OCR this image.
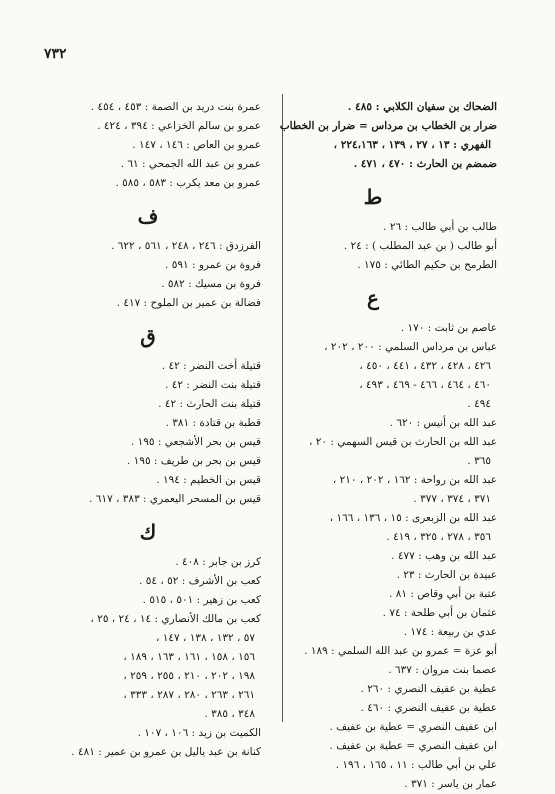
٧٣٢
الضحاك بن سفيان الكلابي : ٤٨٥ .
ضرار بن الخطاب بن مرداس = ضرار بن الخطاب
الفهري : ١٣ ، ٢٧ ، ١٣٩ ، ٢٢٤،١٦٣ ،
ضمضم بن الحارث : ٤٧٠ ، ٤٧١ .
ط
طالب بن أبي طالب : ٢٦ .
أبو طالب ( بن عبد المطلب ) : ٢٤ .
الطرمح بن حكيم الطائي : ١٧٥ .
ع
عاصم بن ثابت : ١٧٠ .
عباس بن مرداس السلمي : ٢٠٠ ، ٢٠٢ ،
٤٢٦ ، ٤٢٨ ، ٤٣٢ ، ٤٤١ ، ٤٥٠ ،
٤٦٠ ، ٤٦٤ ، ٤٦٦ - ٤٦٩ ، ٤٩٣ ،
٤٩٤ .
عبد الله بن أنيس : ٦٢٠ .
عبد الله بن الحارث بن قيس السهمي : ٢٠ ،
٣٦٥ .
عبد الله بن رواحة : ١٦٢ ، ٢٠٢ ، ٢١٠ ،
٣٧١ ، ٣٧٤ ، ٣٧٧ .
عبد الله بن الزبعرى : ١٥ ، ١٣٦ ، ١٦٦ ،
٣٥٦ ، ٢٧٨ ، ٣٢٥ ، ٤١٩ .
عبد الله بن وهب : ٤٧٧ .
عبيدة بن الحارث : ٢٣ .
عتبة بن أبي وقاص : ٨١ .
عثمان بن أبي طلحة : ٧٤ .
عدي بن ربيعة : ١٧٤ .
أبو عزة = عمرو بن عبد الله السلمي : ١٨٩ .
عصما بنت مروان : ٦٣٧ .
عطية بن عفيف النصري : ٢٦٠ .
عطية بن عفيف النصري : ٤٦٠ .
ابن عفيف النصري = عطية بن عفيف .
ابن عفيف النصري = عطية بن عفيف .
علي بن أبي طالب : ١١ ، ١٦٥ ، ١٩٦ .
عمار بن ياسر : ٣٧١ .
عمرة بنت دريد بن الصمة : ٤٥٣ ، ٤٥٤ .
عمرو بن سالم الخزاعي : ٣٩٤ ، ٤٢٤ .
عمرو بن العاص : ١٤٦ ، ١٤٧ .
عمرو بن عبد الله الجمحي : ٦١ .
عمرو بن معد يكرب : ٥٨٣ ، ٥٨٥ .
ف
الفرزدق : ٢٤٦ ، ٢٤٨ ، ٥٦١ ، ٦٢٢ .
فروة بن عمرو : ٥٩١ .
فروة بن مسيك : ٥٨٢ .
فضالة بن عمير بن الملوح : ٤١٧ .
ق
قتيلة أخت النضر : ٤٢ .
قتيلة بنت النضر : ٤٢ .
قتيلة بنت الحارث : ٤٢ .
قطبة بن قتادة : ٣٨١ .
قيس بن بحر الأشجعي : ١٩٥ .
قيس بن بحر بن طريف : ١٩٥ .
قيس بن الخطيم : ١٩٤ .
قيس بن المسحر اليعمري : ٣٨٣ ، ٦١٧ .
ك
كرز بن جابر : ٤٠٨ .
كعب بن الأشرف : ٥٢ ، ٥٤ .
كعب بن زهير : ٥٠١ ، ٥١٥ .
كعب بن مالك الأنصاري : ١٤ ، ٢٤ ، ٢٥ ،
٥٧ ، ١٣٢ ، ١٣٨ ، ١٤٧ ،
١٥٦ ، ١٥٨ ، ١٦١ ، ١٦٣ ، ١٨٩ ،
١٩٨ ، ٢٠٢ ، ٢١٠ ، ٢٥٥ ، ٢٥٩ ،
٢٦١ ، ٢٦٣ ، ٢٨٠ ، ٢٨٧ ، ٣٣٣ ،
٣٤٨ ، ٣٨٥ .
الكميت بن زيد : ١٠٦ ، ١٠٧ .
كنانة بن عبد ياليل بن عمرو بن عمير : ٤٨١ .
